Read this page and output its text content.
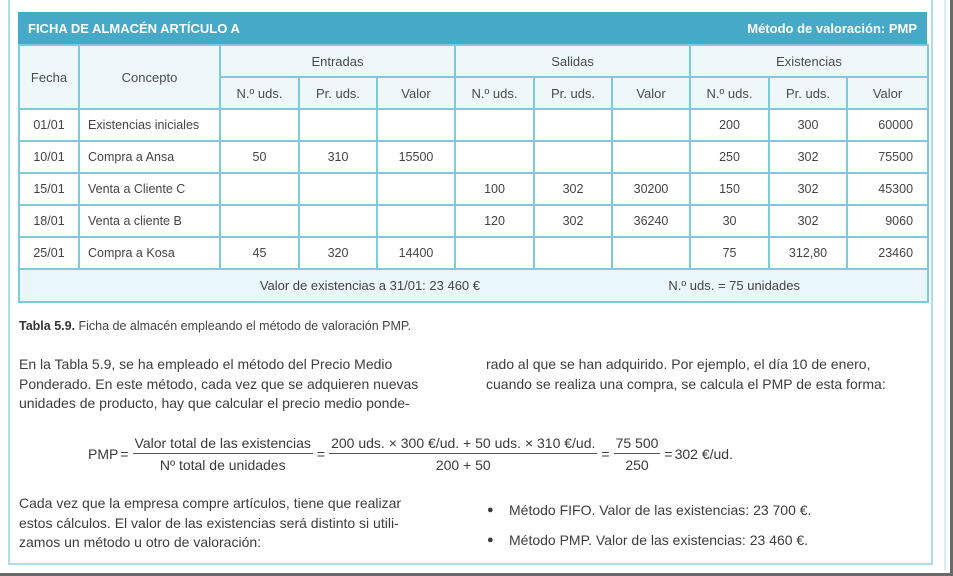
FICHA DE ALMACÉN ARTÍCULO A	Método de valoración: PMP
Fecha	Concepto	Entradas			Salidas			Existencias		
		N.º uds.	Pr. uds.	Valor	N.º uds.	Pr. uds.	Valor	N.º uds.	Pr. uds.	Valor
01/01	Existencias iniciales							200	300	60000
10/01	Compra a Ansa	50	310	15500				250	302	75500
15/01	Venta a Cliente C				100	302	30200	150	302	45300
18/01	Venta a cliente B				120	302	36240	30	302	9060
25/01	Compra a Kosa	45	320	14400				75	312,80	23460

Valor de existencias a 31/01: 23 460 € N.º uds. = 75 unidades										
Tabla 5.9. Ficha de almacén empleando el método de valoración PMP.
En la Tabla 5.9, se ha empleado el método del Precio Medio
Ponderado. En este método, cada vez que se adquieren nuevas
unidades de producto, hay que calcular el precio medio ponde-
rado al que se han adquirido. Por ejemplo, el día 10 de enero,
cuando se realiza una compra, se calcula el PMP de esta forma:
PMP = $\frac{\text{Valor total de las existencias}}{\text{Nº total de unidades}} = \frac{\text{200 uds. × 300 €/ud. + 50 uds. × 310 €/ud.}}{200 + 50} = \frac{75 500}{250} = 302$ €/ud.
Cada vez que la empresa compre artículos, tiene que realizar
estos cálculos. El valor de las existencias será distinto si utili-
zamos un método u otro de valoración:
●	Método FIFO. Valor de las existencias: 23 700 €.
●	Método PMP. Valor de las existencias: 23 460 €.
